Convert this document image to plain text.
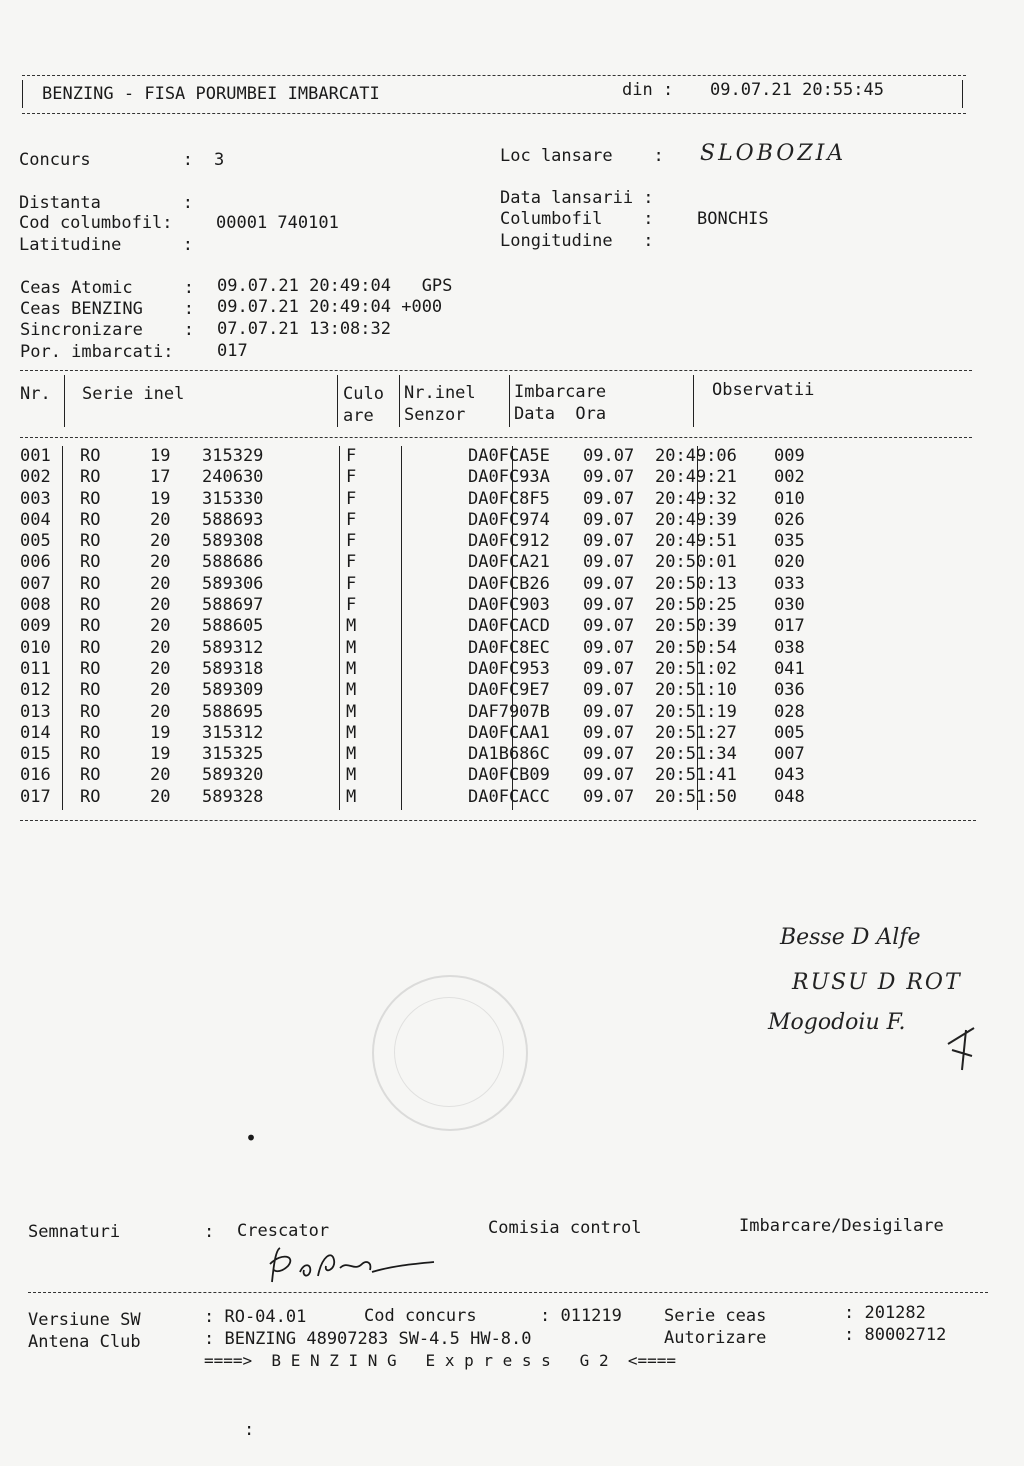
BENZING - FISA PORUMBEI IMBARCATI	din : 09.07.21 20:55:45
Concurs         : 3	Loc lansare    : SLOBOZIA
Distanta        :	Data lansarii :
Cod columbofil:	00001 740101	Columbofil    :	BONCHIS
Latitudine      :	Longitudine   :
Ceas Atomic     : 09.07.21 20:49:04   GPS
Ceas BENZING    : 09.07.21 20:49:04 +000
Sincronizare    : 07.07.21 13:08:32
Por. imbarcati:	017
Nr. Serie inel	Culo
are
Nr.inel
Senzor
Imbarcare
Data  Ora
Observatii
001	RO	19	315329	F		DA0FCA5E	09.07	20:49:06	009
002	RO	17	240630	F		DA0FC93A	09.07	20:49:21	002
003	RO	19	315330	F		DA0FC8F5	09.07	20:49:32	010
004	RO	20	588693	F		DA0FC974	09.07	20:49:39	026
005	RO	20	589308	F		DA0FC912	09.07	20:49:51	035
006	RO	20	588686	F		DA0FCA21	09.07	20:50:01	020
007	RO	20	589306	F		DA0FCB26	09.07	20:50:13	033
008	RO	20	588697	F		DA0FC903	09.07	20:50:25	030
009	RO	20	588605	M		DA0FCACD	09.07	20:50:39	017
010	RO	20	589312	M		DA0FC8EC	09.07	20:50:54	038
011	RO	20	589318	M		DA0FC953	09.07	20:51:02	041
012	RO	20	589309	M		DA0FC9E7	09.07	20:51:10	036
013	RO	20	588695	M		DAF7907B	09.07	20:51:19	028
014	RO	19	315312	M		DA0FCAA1	09.07	20:51:27	005
015	RO	19	315325	M		DA1B686C	09.07	20:51:34	007
016	RO	20	589320	M		DA0FCB09	09.07	20:51:41	043
017	RO	20	589328	M		DA0FCACC	09.07	20:51:50	048
Besse D Alfe
RUSU D ROT
Mogodoiu F.
•
Semnaturi	: Crescator	Comisia control	Imbarcare/Desigilare
Versiune SW	: RO-04.01	Cod concurs	: 011219 Serie ceas	: 201282
Antena Club	: BENZING 48907283 SW-4.5 HW-8.0	Autorizare	: 80002712
====>  B E N Z I N G   E x p r e s s   G 2  <====
:
